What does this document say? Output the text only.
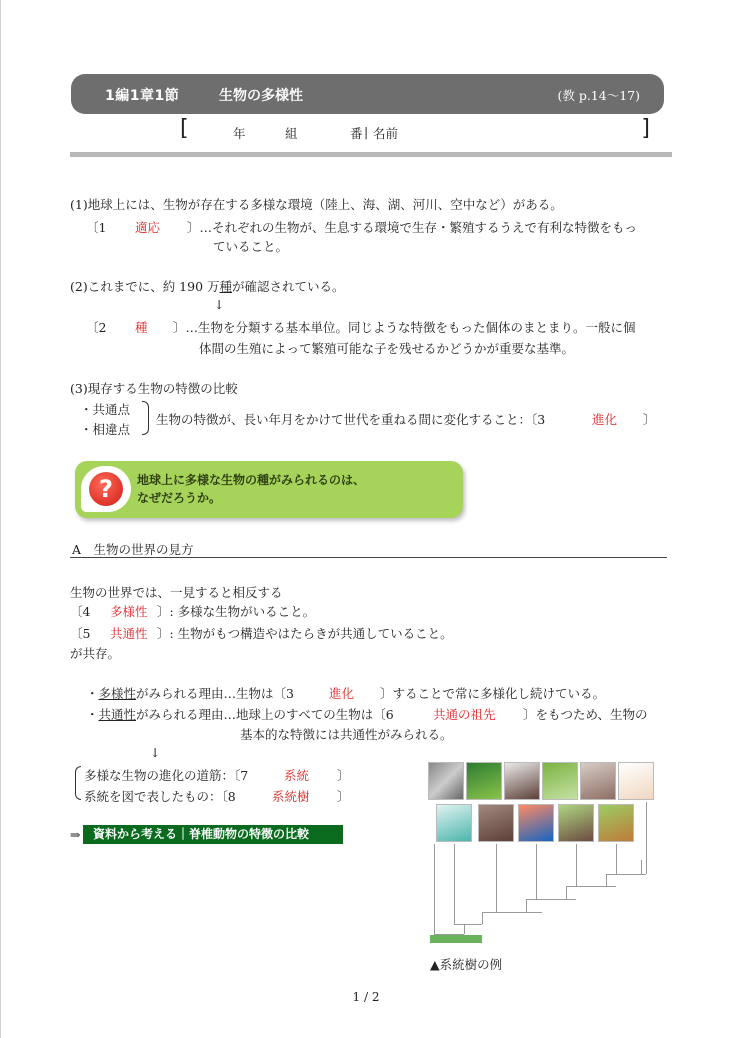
1編1章1節	生物の多様性	(教 p.14～17)
[	年	組	番 | 名前	]
(1)地球上には、生物が存在する多様な環境（陸上、海、湖、河川、空中など）がある。
〔1 適応 〕…それぞれの生物が、生息する環境で生存・繁殖するうえで有利な特徴をもっ
ていること。
(2)これまでに、約 190 万種が確認されている。
↓
〔2 種 〕…生物を分類する基本単位。同じような特徴をもった個体のまとまり。一般に個
体間の生殖によって繁殖可能な子を残せるかどうかが重要な基準。
(3)現存する生物の特徴の比較
・共通点
・相違点
生物の特徴が、長い年月をかけて世代を重ねる間に変化すること：〔3	進化 〕
?	地球上に多様な生物の種がみられるのは、
なぜだろうか。
A　生物の世界の見方
生物の世界では、一見すると相反する
〔4 多様性 〕: 多様な生物がいること。
〔5 共通性 〕: 生物がもつ構造やはたらきが共通していること。
が共存。
・多様性がみられる理由…生物は〔3	進化 〕することで常に多様化し続けている。
・共通性がみられる理由…地球上のすべての生物は〔6	共通の祖先 〕をもつため、生物の
基本的な特徴には共通性がみられる。
↓
多様な生物の進化の道筋：〔7	系統 〕
系統を図で表したもの：〔8	系統樹 〕
⇒	資料から考える｜脊椎動物の特徴の比較
▲系統樹の例
1 / 2
